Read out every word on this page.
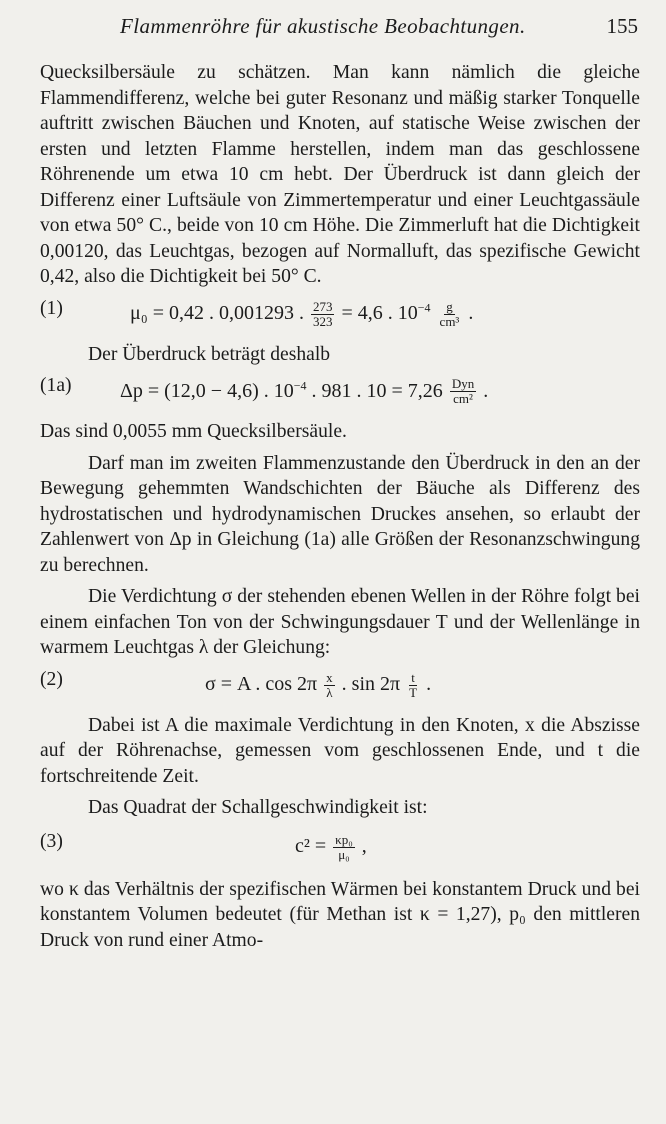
Flammenröhre für akustische Beobachtungen.	155

Quecksilbersäule zu schätzen. Man kann nämlich die gleiche Flammendifferenz, welche bei guter Resonanz und mäßig starker Tonquelle auftritt zwischen Bäuchen und Knoten, auf statische Weise zwischen der ersten und letzten Flamme herstellen, indem man das geschlossene Röhrenende um etwa 10 cm hebt. Der Überdruck ist dann gleich der Differenz einer Luftsäule von Zimmertemperatur und einer Leuchtgassäule von etwa 50° C., beide von 10 cm Höhe. Die Zimmerluft hat die Dichtigkeit 0,00120, das Leuchtgas, bezogen auf Normalluft, das spezifische Gewicht 0,42, also die Dichtigkeit bei 50° C.

(1)	μ₀ = 0,42 . 0,001293 . $\frac{273}{323} = 4,6$ . $10^{-4} \frac{g}{\text{cm³}}$ .

Der Überdruck beträgt deshalb

(1a) Δp = (12,0 − 4,6) . $10^{-4}$ . 981 . $10 = 7,26 \frac{\text{Dyn}}{\text{cm²}}$ .

Das sind 0,0055 mm Quecksilbersäule.

Darf man im zweiten Flammenzustande den Überdruck in den an der Bewegung gehemmten Wandschichten der Bäuche als Differenz des hydrostatischen und hydrodynamischen Druckes ansehen, so erlaubt der Zahlenwert von Δp in Gleichung (1a) alle Größen der Resonanzschwingung zu berechnen.

Die Verdichtung σ der stehenden ebenen Wellen in der Röhre folgt bei einem einfachen Ton von der Schwingungsdauer T und der Wellenlänge in warmem Leuchtgas λ der Gleichung:

(2)	σ = A . $\cos 2\pi \frac{x}{\lambda}$ . $\sin 2\pi \frac{t}{T}$ .

Dabei ist A die maximale Verdichtung in den Knoten, x die Abszisse auf der Röhrenachse, gemessen vom geschlossenen Ende, und t die fortschreitende Zeit.

Das Quadrat der Schallgeschwindigkeit ist:

(3)	$c^2 = \frac{\text{κp₀}}{\text{μ₀}}$ ,

wo κ das Verhältnis der spezifischen Wärmen bei konstantem Druck und bei konstantem Volumen bedeutet (für Methan ist κ = 1,27), p₀ den mittleren Druck von rund einer Atmo-
